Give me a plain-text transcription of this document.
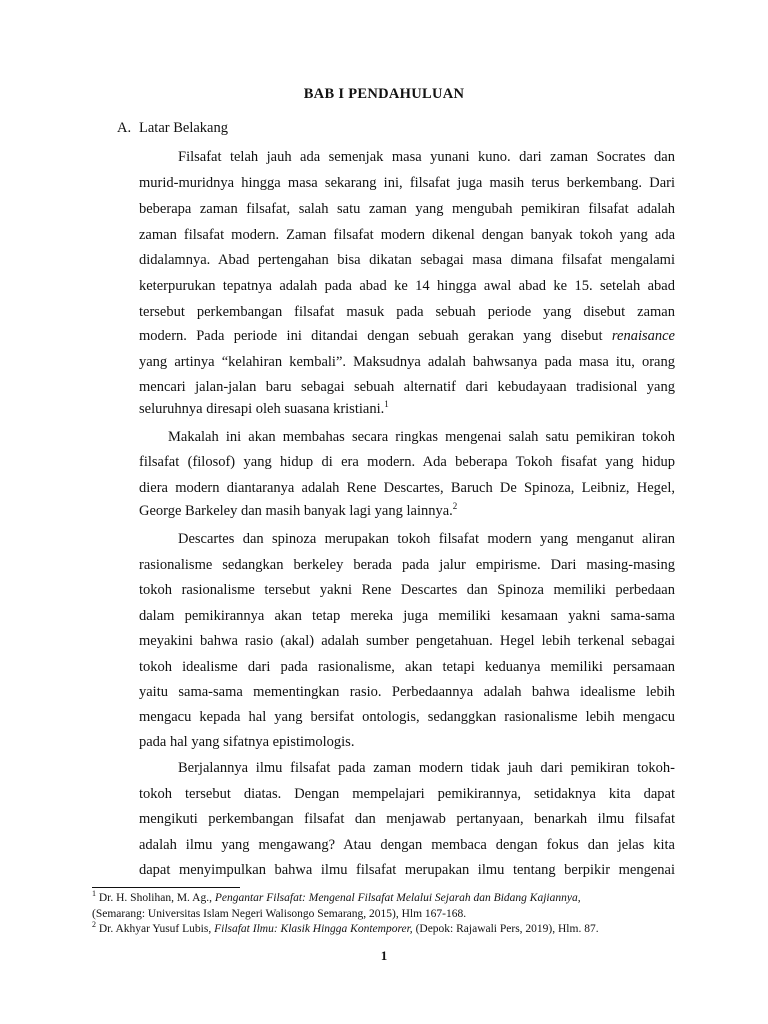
BAB I PENDAHULUAN
A. Latar Belakang
Filsafat telah jauh ada semenjak masa yunani kuno. dari zaman Socrates dan
murid-muridnya hingga masa sekarang ini, filsafat juga masih terus berkembang. Dari
beberapa zaman filsafat, salah satu zaman yang mengubah pemikiran filsafat adalah
zaman filsafat modern. Zaman filsafat modern dikenal dengan banyak tokoh yang ada
didalamnya. Abad pertengahan bisa dikatan sebagai masa dimana filsafat mengalami
keterpurukan tepatnya adalah pada abad ke 14 hingga awal abad ke 15. setelah abad
tersebut perkembangan filsafat masuk pada sebuah periode yang disebut zaman
modern. Pada periode ini ditandai dengan sebuah gerakan yang disebut renaisance
yang artinya “kelahiran kembali”. Maksudnya adalah bahwsanya pada masa itu, orang
mencari jalan-jalan baru sebagai sebuah alternatif dari kebudayaan tradisional yang
seluruhnya diresapi oleh suasana kristiani.$^1$
Makalah ini akan membahas secara ringkas mengenai salah satu pemikiran tokoh
filsafat (filosof) yang hidup di era modern. Ada beberapa Tokoh fisafat yang hidup
diera modern diantaranya adalah Rene Descartes, Baruch De Spinoza, Leibniz, Hegel,
George Barkeley dan masih banyak lagi yang lainnya.$^2$
Descartes dan spinoza merupakan tokoh filsafat modern yang menganut aliran
rasionalisme sedangkan berkeley berada pada jalur empirisme. Dari masing-masing
tokoh rasionalisme tersebut yakni Rene Descartes dan Spinoza memiliki perbedaan
dalam pemikirannya akan tetap mereka juga memiliki kesamaan yakni sama-sama
meyakini bahwa rasio (akal) adalah sumber pengetahuan. Hegel lebih terkenal sebagai
tokoh idealisme dari pada rasionalisme, akan tetapi keduanya memiliki persamaan
yaitu sama-sama mementingkan rasio. Perbedaannya adalah bahwa idealisme lebih
mengacu kepada hal yang bersifat ontologis, sedanggkan rasionalisme lebih mengacu
pada hal yang sifatnya epistimologis.
Berjalannya ilmu filsafat pada zaman modern tidak jauh dari pemikiran tokoh-
tokoh tersebut diatas. Dengan mempelajari pemikirannya, setidaknya kita dapat
mengikuti perkembangan filsafat dan menjawab pertanyaan, benarkah ilmu filsafat
adalah ilmu yang mengawang? Atau dengan membaca dengan fokus dan jelas kita
dapat menyimpulkan bahwa ilmu filsafat merupakan ilmu tentang berpikir mengenai
$^1$ Dr. H. Sholihan, M. Ag., Pengantar Filsafat: Mengenal Filsafat Melalui Sejarah dan Bidang Kajiannya,
(Semarang: Universitas Islam Negeri Walisongo Semarang, 2015), Hlm 167-168.
$^2$ Dr. Akhyar Yusuf Lubis, Filsafat Ilmu: Klasik Hingga Kontemporer, (Depok: Rajawali Pers, 2019), Hlm. 87.
1
